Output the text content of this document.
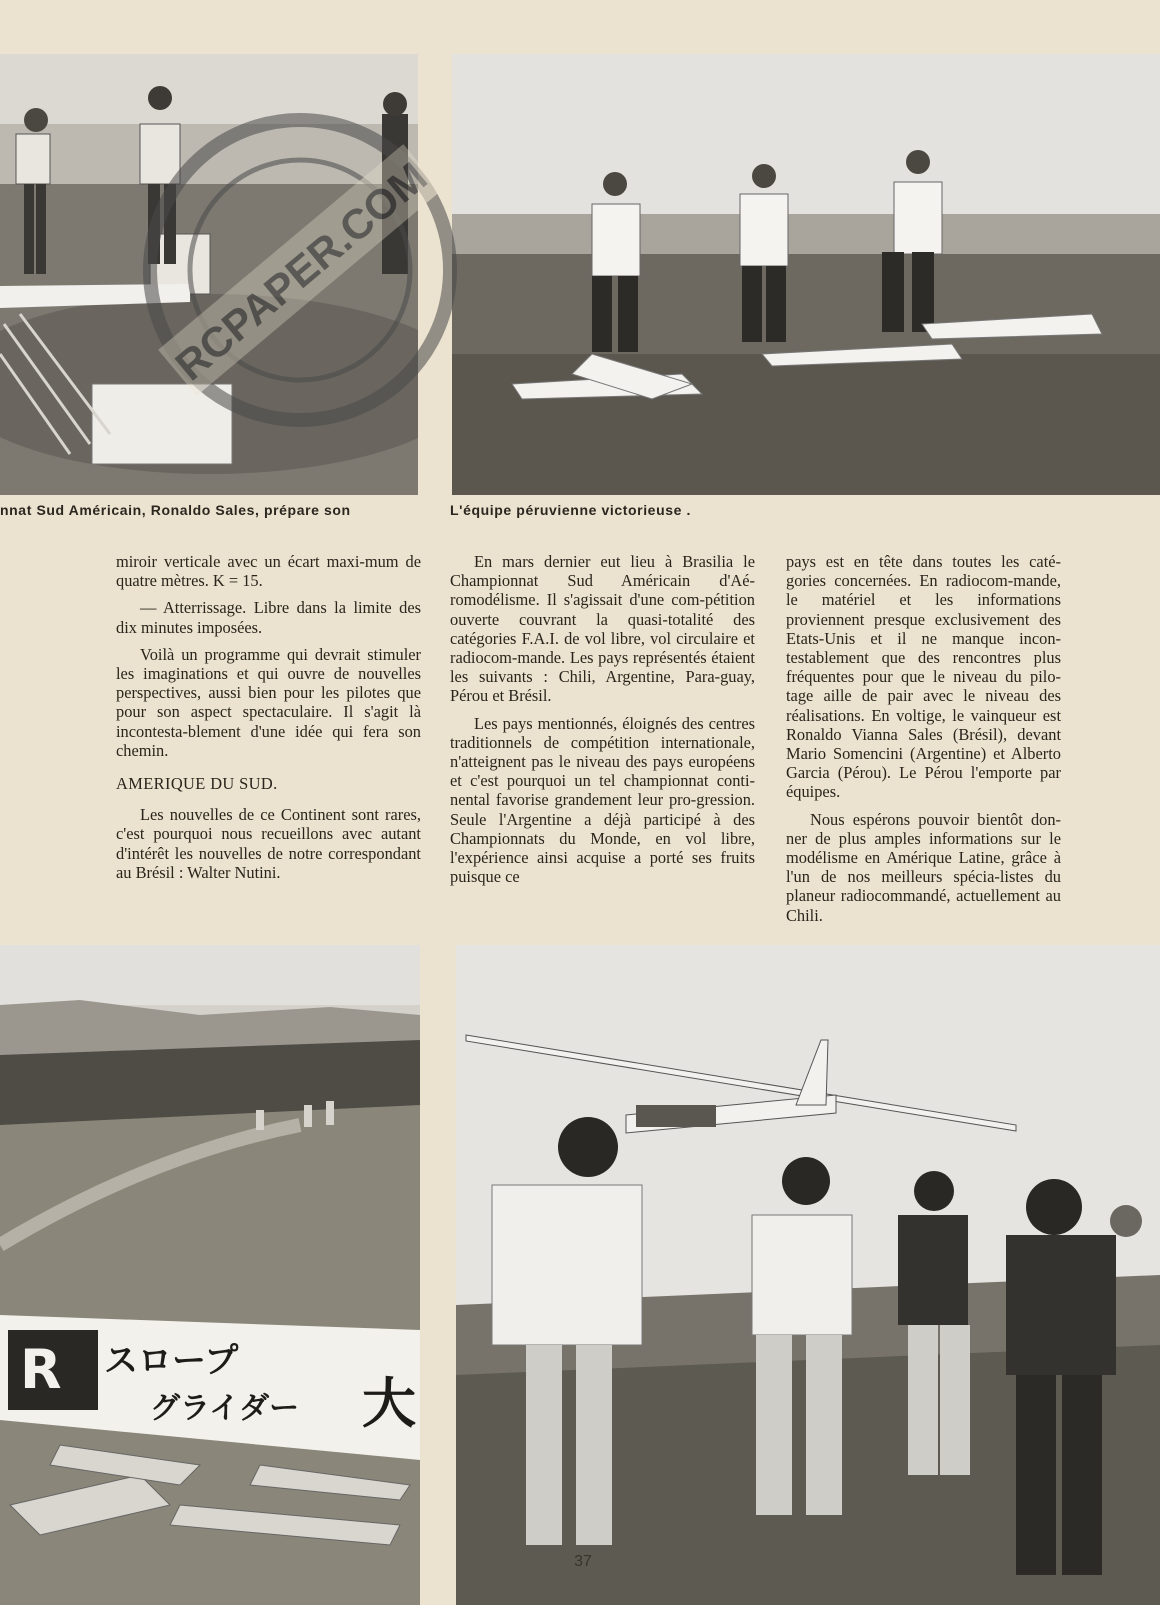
RCPAPER.COM
nnat Sud Américain, Ronaldo Sales, prépare son	L'équipe péruvienne victorieuse .

miroir verticale avec un écart maxi-mum de quatre mètres. K = 15.

— Atterrissage. Libre dans la limite des dix minutes imposées.

Voilà un programme qui devrait stimuler les imaginations et qui ouvre de nouvelles perspectives, aussi bien pour les pilotes que pour son aspect spectaculaire. Il s'agit là incontesta-blement d'une idée qui fera son chemin.

AMERIQUE DU SUD.

Les nouvelles de ce Continent sont rares, c'est pourquoi nous recueillons avec autant d'intérêt les nouvelles de notre correspondant au Brésil : Walter Nutini.

En mars dernier eut lieu à Brasilia le Championnat Sud Américain d'Aé-romodélisme. Il s'agissait d'une com-pétition ouverte couvrant la quasi-totalité des catégories F.A.I. de vol libre, vol circulaire et radiocom-mande. Les pays représentés étaient les suivants : Chili, Argentine, Para-guay, Pérou et Brésil.

Les pays mentionnés, éloignés des centres traditionnels de compétition internationale, n'atteignent pas le niveau des pays européens et c'est pourquoi un tel championnat conti-nental favorise grandement leur pro-gression. Seule l'Argentine a déjà participé à des Championnats du Monde, en vol libre, l'expérience ainsi acquise a porté ses fruits puisque ce

pays est en tête dans toutes les caté-gories concernées. En radiocom-mande, le matériel et les informations proviennent presque exclusivement des Etats-Unis et il ne manque incon-testablement que des rencontres plus fréquentes pour que le niveau du pilo-tage aille de pair avec le niveau des réalisations. En voltige, le vainqueur est Ronaldo Vianna Sales (Brésil), devant Mario Somencini (Argentine) et Alberto Garcia (Pérou). Le Pérou l'emporte par équipes.

Nous espérons pouvoir bientôt don-ner de plus amples informations sur le modélisme en Amérique Latine, grâce à l'un de nos meilleurs spécia-listes du planeur radiocommandé, actuellement au Chili.

R スロープ
グライダー 大
37
